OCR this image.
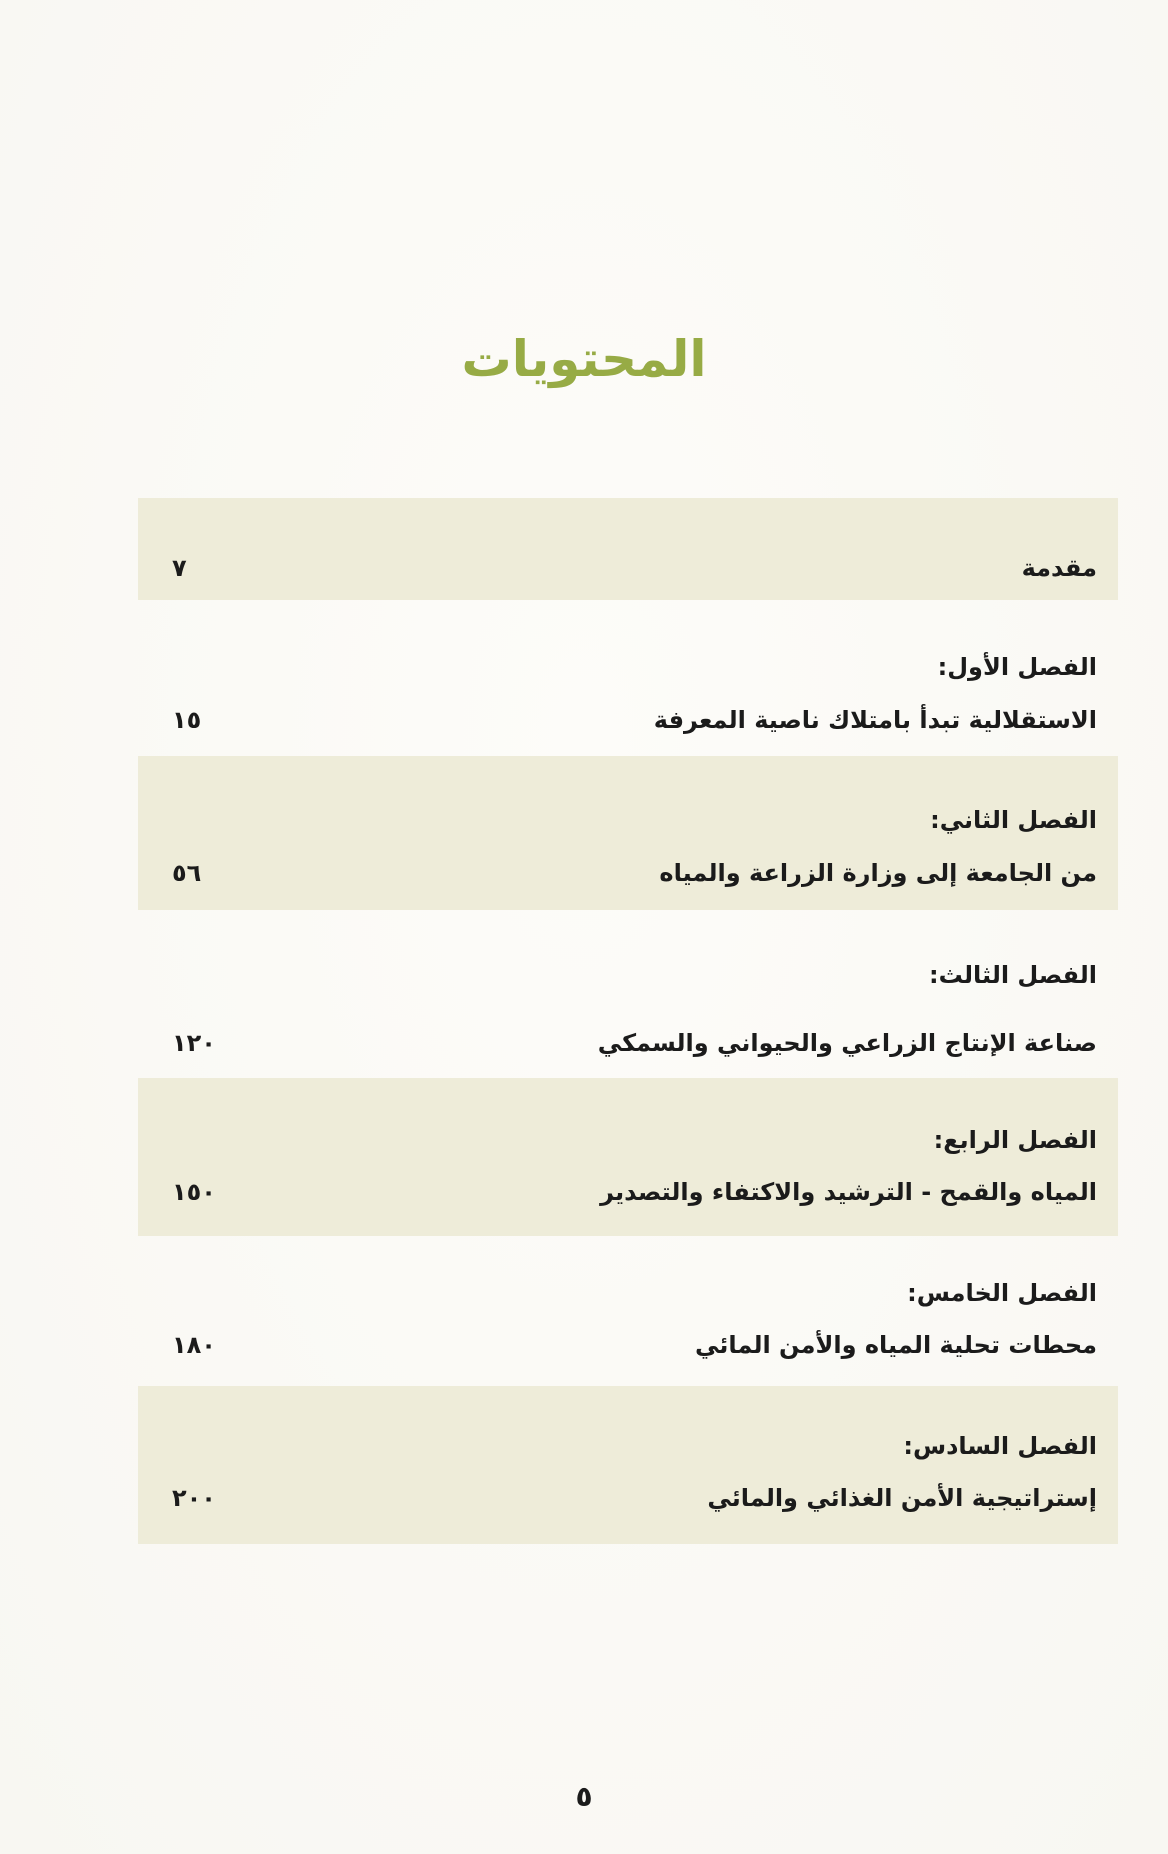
المحتويات
مقدمة
٧
الفصل الأول:
الاستقلالية تبدأ بامتلاك ناصية المعرفة
١٥
الفصل الثاني:
من الجامعة إلى وزارة الزراعة والمياه
٥٦
الفصل الثالث:
صناعة الإنتاج الزراعي والحيواني والسمكي
١٢٠
الفصل الرابع:
المياه والقمح - الترشيد والاكتفاء والتصدير
١٥٠
الفصل الخامس:
محطات تحلية المياه والأمن المائي
١٨٠
الفصل السادس:
إستراتيجية الأمن الغذائي والمائي
٢٠٠
٥
